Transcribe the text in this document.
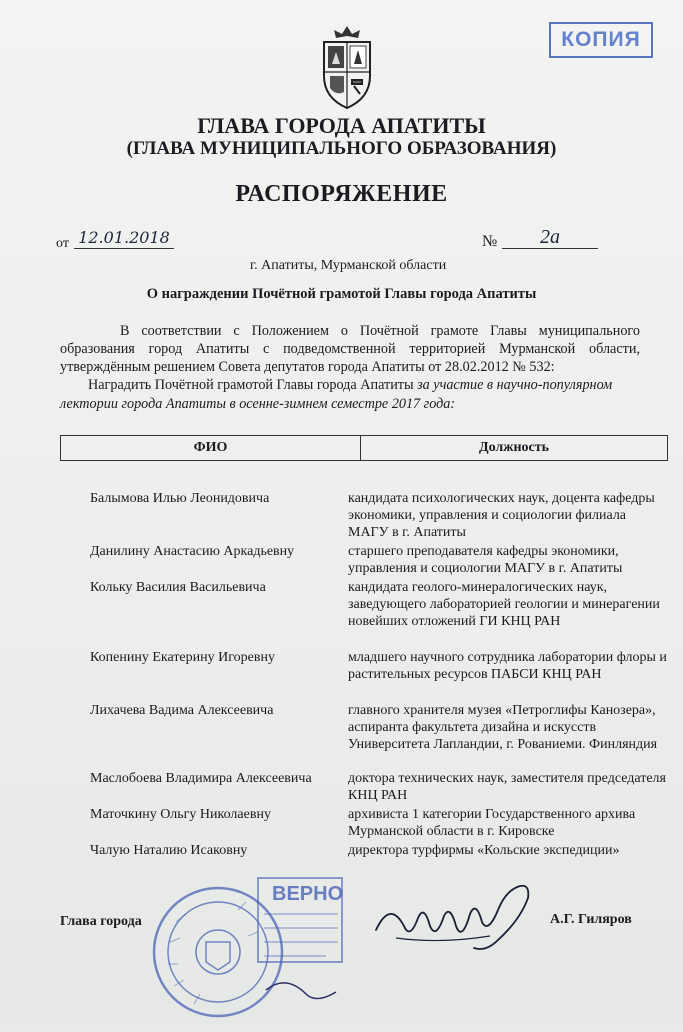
КОПИЯ
ГЛАВА ГОРОДА АПАТИТЫ
(ГЛАВА МУНИЦИПАЛЬНОГО ОБРАЗОВАНИЯ)
РАСПОРЯЖЕНИЕ
от 12.01.2018	№	2а
г. Апатиты, Мурманской области
О награждении Почётной грамотой Главы города Апатиты

В соответствии с Положением о Почётной грамоте Главы муниципального образования город Апатиты с подведомственной территорией Мурманской области, утверждённым решением Совета депутатов города Апатиты от 28.02.2012 № 532:

Наградить Почётной грамотой Главы города Апатиты за участие в научно-популярном лектории города Апатиты в осенне-зимнем семестре 2017 года:
ФИО	Должность
Балымова Илью Леонидовича	кандидата психологических наук, доцента кафедры экономики, управления и социологии филиала МАГУ в г. Апатиты
Данилину Анастасию Аркадьевну	старшего преподавателя кафедры экономики, управления и социологии МАГУ в г. Апатиты
Кольку Василия Васильевича	кандидата геолого-минералогических наук, заведующего лабораторией геологии и минерагении новейших отложений ГИ КНЦ РАН
Копенину Екатерину Игоревну	младшего научного сотрудника лаборатории флоры и растительных ресурсов ПАБСИ КНЦ РАН
Лихачева Вадима Алексеевича	главного хранителя музея «Петроглифы Канозера», аспиранта факультета дизайна и искусств Университета Лапландии, г. Рованиеми. Финляндия
Маслобоева Владимира Алексеевича	доктора технических наук, заместителя председателя КНЦ РАН
Маточкину Ольгу Николаевну	архивиста 1 категории Государственного архива Мурманской области в г. Кировске
Чалую Наталию Исаковну	директора турфирмы «Кольские экспедиции»
Глава города	А.Г. Гиляров
ВЕРНО
